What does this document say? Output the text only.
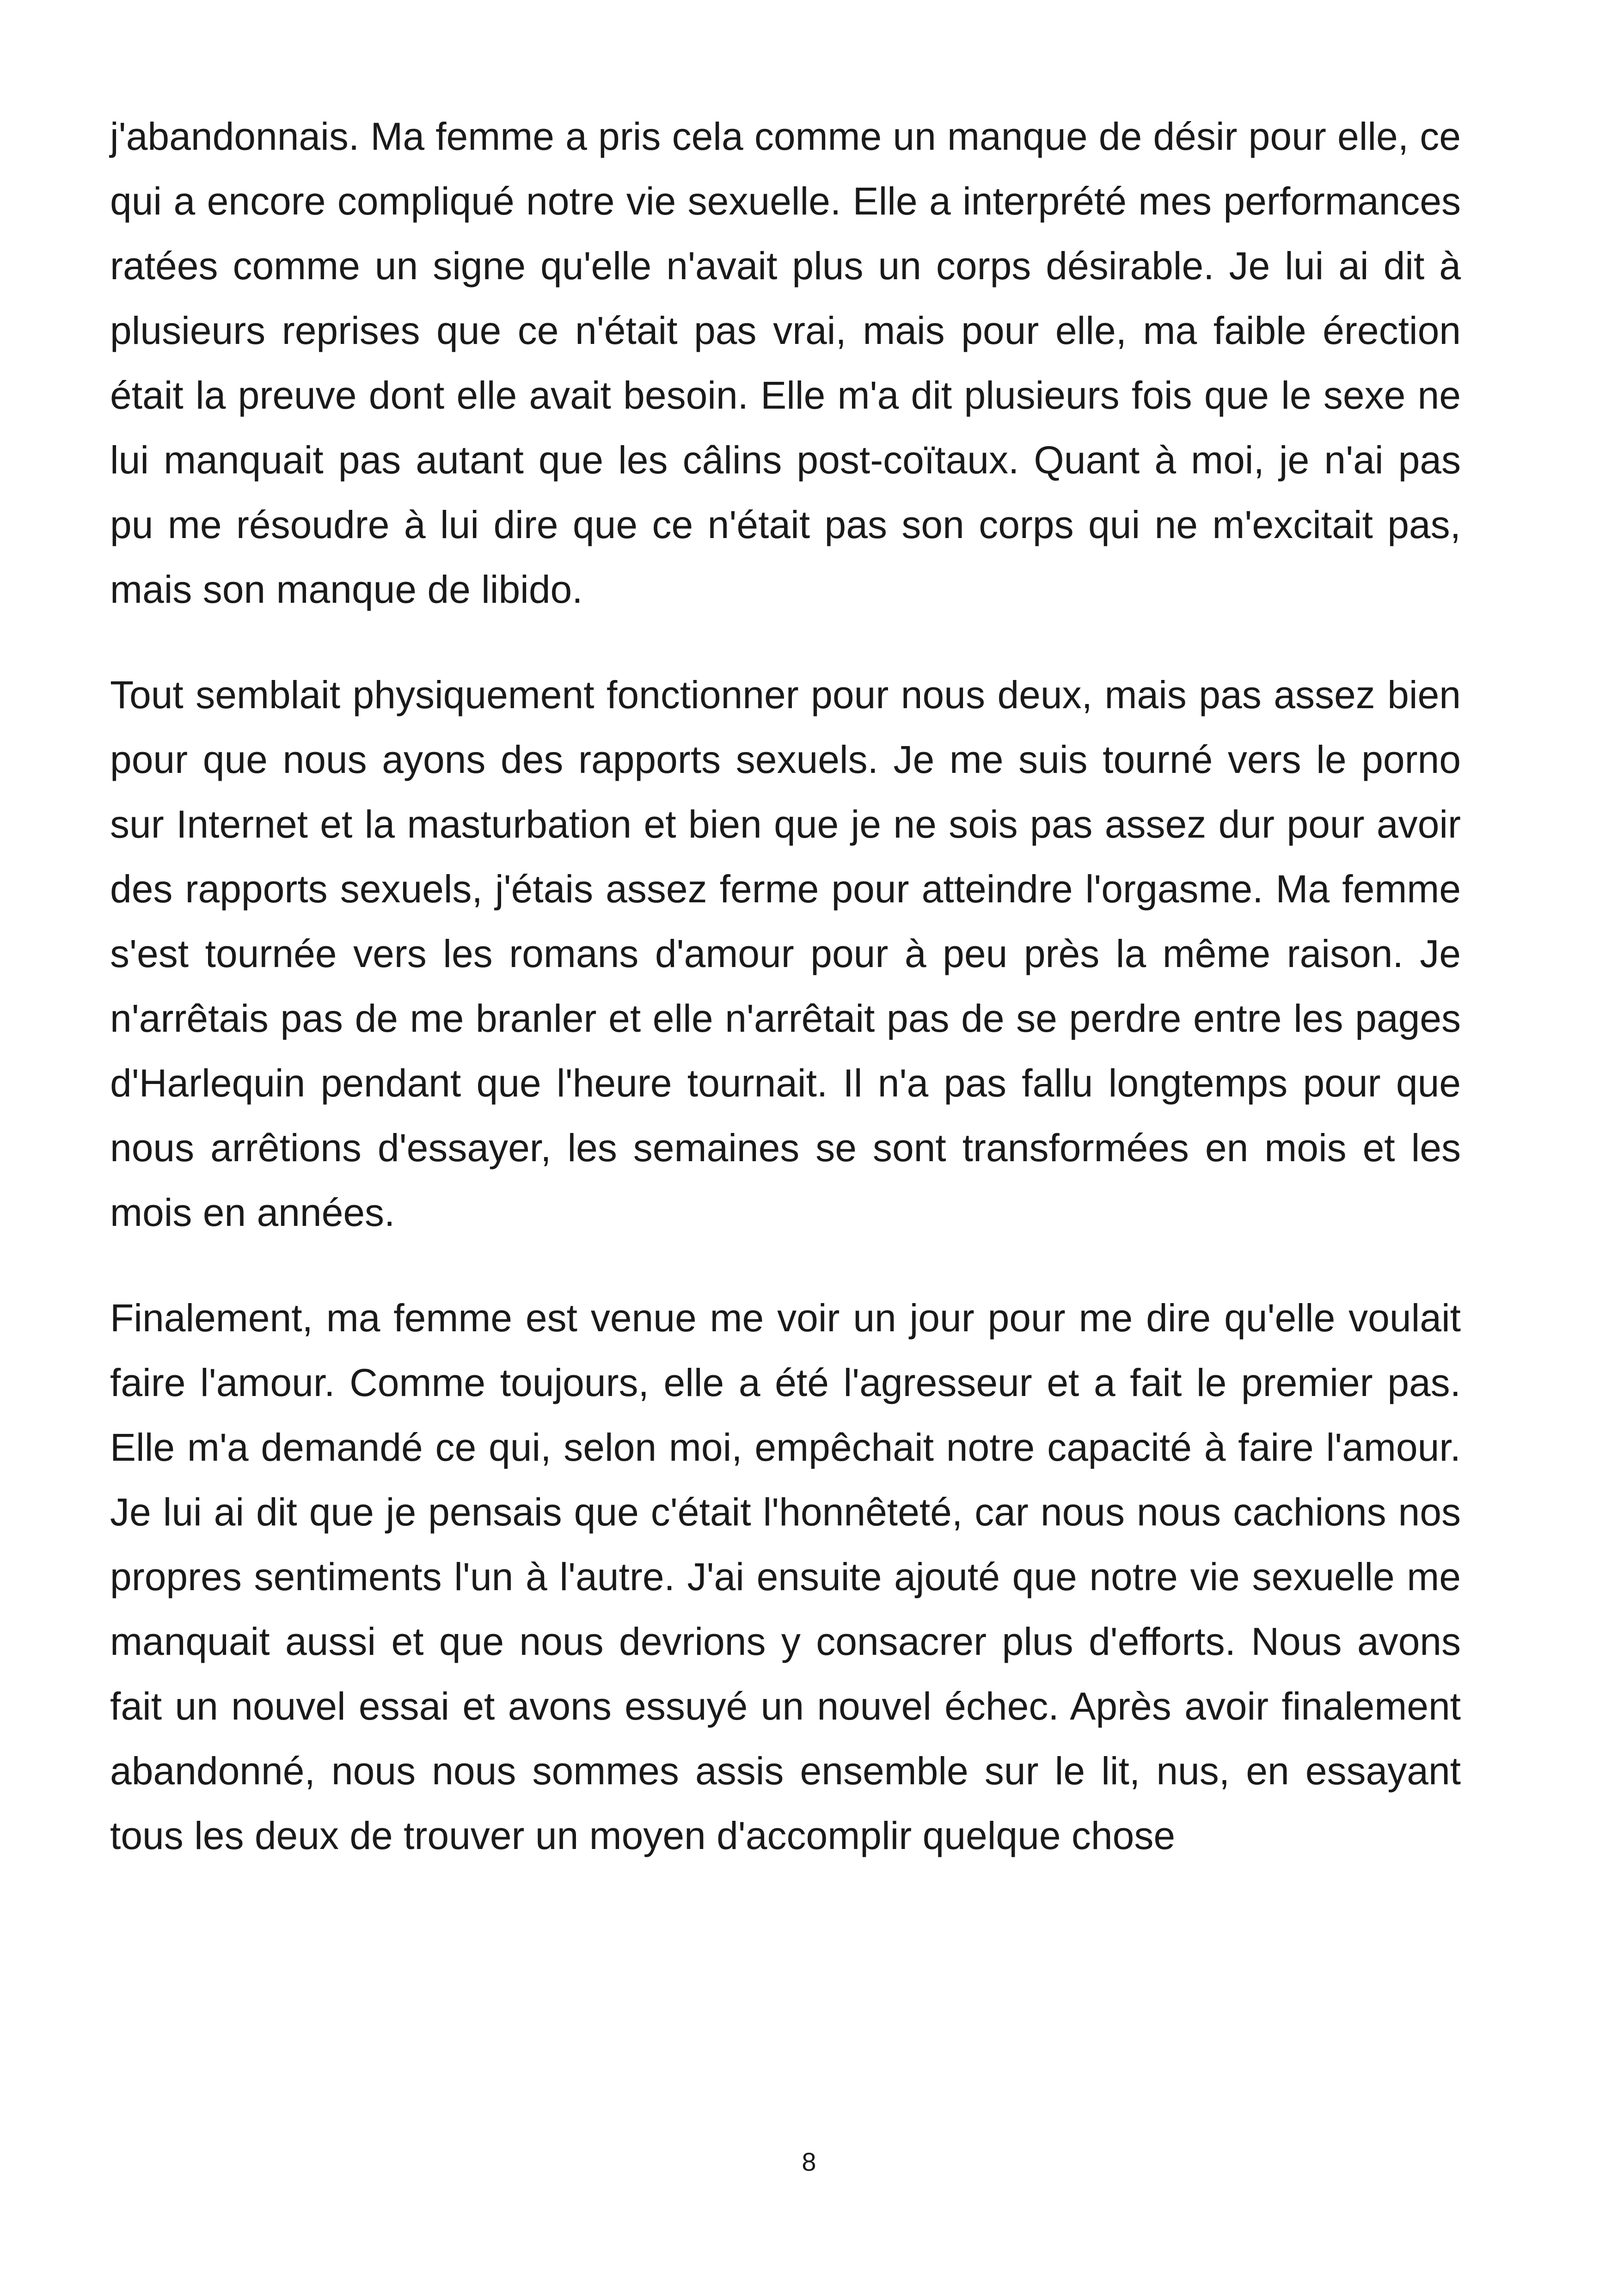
j'abandonnais. Ma femme a pris cela comme un manque de désir pour elle, ce qui a encore compliqué notre vie sexuelle. Elle a interprété mes performances ratées comme un signe qu'elle n'avait plus un corps désirable. Je lui ai dit à plusieurs reprises que ce n'était pas vrai, mais pour elle, ma faible érection était la preuve dont elle avait besoin. Elle m'a dit plusieurs fois que le sexe ne lui manquait pas autant que les câlins post-coïtaux. Quant à moi, je n'ai pas pu me résoudre à lui dire que ce n'était pas son corps qui ne m'excitait pas, mais son manque de libido.

Tout semblait physiquement fonctionner pour nous deux, mais pas assez bien pour que nous ayons des rapports sexuels. Je me suis tourné vers le porno sur Internet et la masturbation et bien que je ne sois pas assez dur pour avoir des rapports sexuels, j'étais assez ferme pour atteindre l'orgasme. Ma femme s'est tournée vers les romans d'amour pour à peu près la même raison. Je n'arrêtais pas de me branler et elle n'arrêtait pas de se perdre entre les pages d'Harlequin pendant que l'heure tournait. Il n'a pas fallu longtemps pour que nous arrêtions d'essayer, les semaines se sont transformées en mois et les mois en années.

Finalement, ma femme est venue me voir un jour pour me dire qu'elle voulait faire l'amour. Comme toujours, elle a été l'agresseur et a fait le premier pas. Elle m'a demandé ce qui, selon moi, empêchait notre capacité à faire l'amour. Je lui ai dit que je pensais que c'était l'honnêteté, car nous nous cachions nos propres sentiments l'un à l'autre. J'ai ensuite ajouté que notre vie sexuelle me manquait aussi et que nous devrions y consacrer plus d'efforts. Nous avons fait un nouvel essai et avons essuyé un nouvel échec. Après avoir finalement abandonné, nous nous sommes assis ensemble sur le lit, nus, en essayant tous les deux de trouver un moyen d'accomplir quelque chose

8
